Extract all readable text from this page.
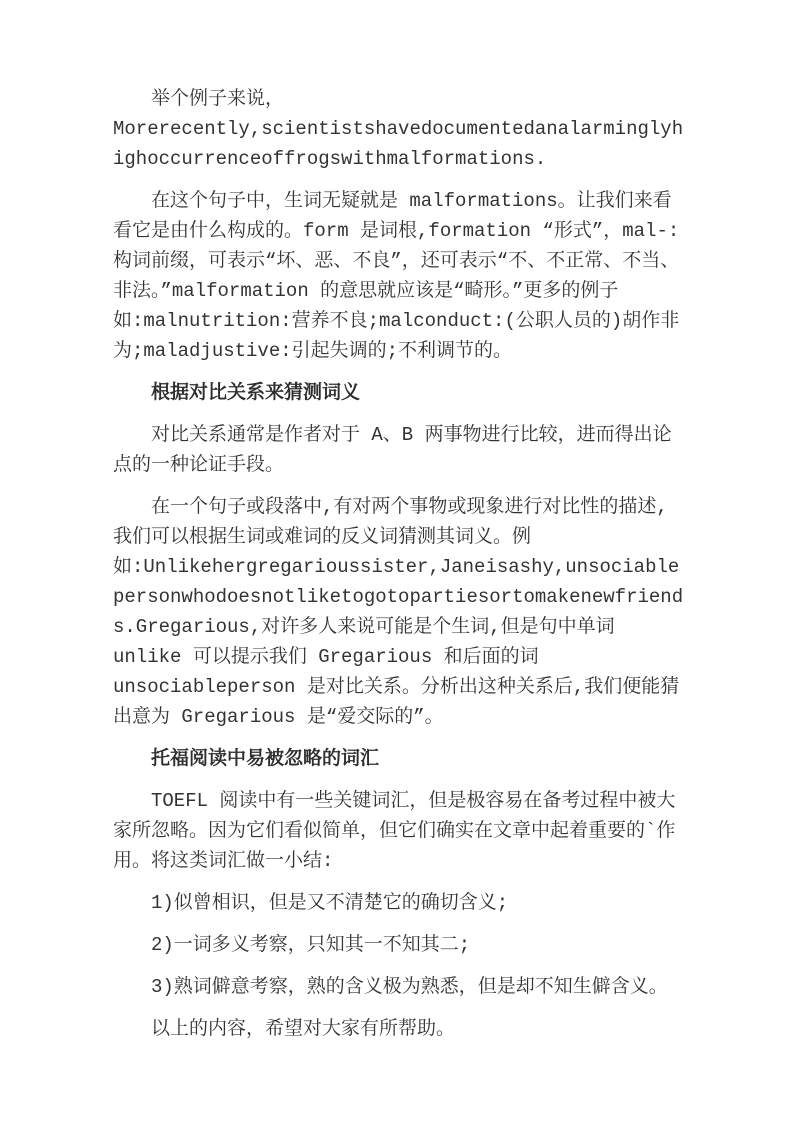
举个例子来说，Morerecently,scientistshavedocumentedanalarminglyhighoccurrenceoffrogswithmalformations.

在这个句子中，生词无疑就是 malformations。让我们来看看它是由什么构成的。form 是词根,formation “形式”，mal-:构词前缀，可表示“坏、恶、不良”，还可表示“不、不正常、不当、非法。”malformation 的意思就应该是“畸形。”更多的例子如:malnutrition:营养不良;malconduct:(公职人员的)胡作非为;maladjustive:引起失调的;不利调节的。

根据对比关系来猜测词义

对比关系通常是作者对于 A、B 两事物进行比较，进而得出论点的一种论证手段。

在一个句子或段落中,有对两个事物或现象进行对比性的描述,我们可以根据生词或难词的反义词猜测其词义。例如:Unlikehergregarioussister,Janeisashy,unsociablepersonwhodoesnotliketogotopartiesortomakenewfriends.Gregarious,对许多人来说可能是个生词,但是句中单词 unlike 可以提示我们 Gregarious 和后面的词 unsociableperson 是对比关系。分析出这种关系后,我们便能猜出意为 Gregarious 是“爱交际的”。

托福阅读中易被忽略的词汇

TOEFL 阅读中有一些关键词汇，但是极容易在备考过程中被大家所忽略。因为它们看似简单，但它们确实在文章中起着重要的`作用。将这类词汇做一小结:

1)似曾相识，但是又不清楚它的确切含义;

2)一词多义考察，只知其一不知其二;

3)熟词僻意考察，熟的含义极为熟悉，但是却不知生僻含义。

以上的内容，希望对大家有所帮助。
